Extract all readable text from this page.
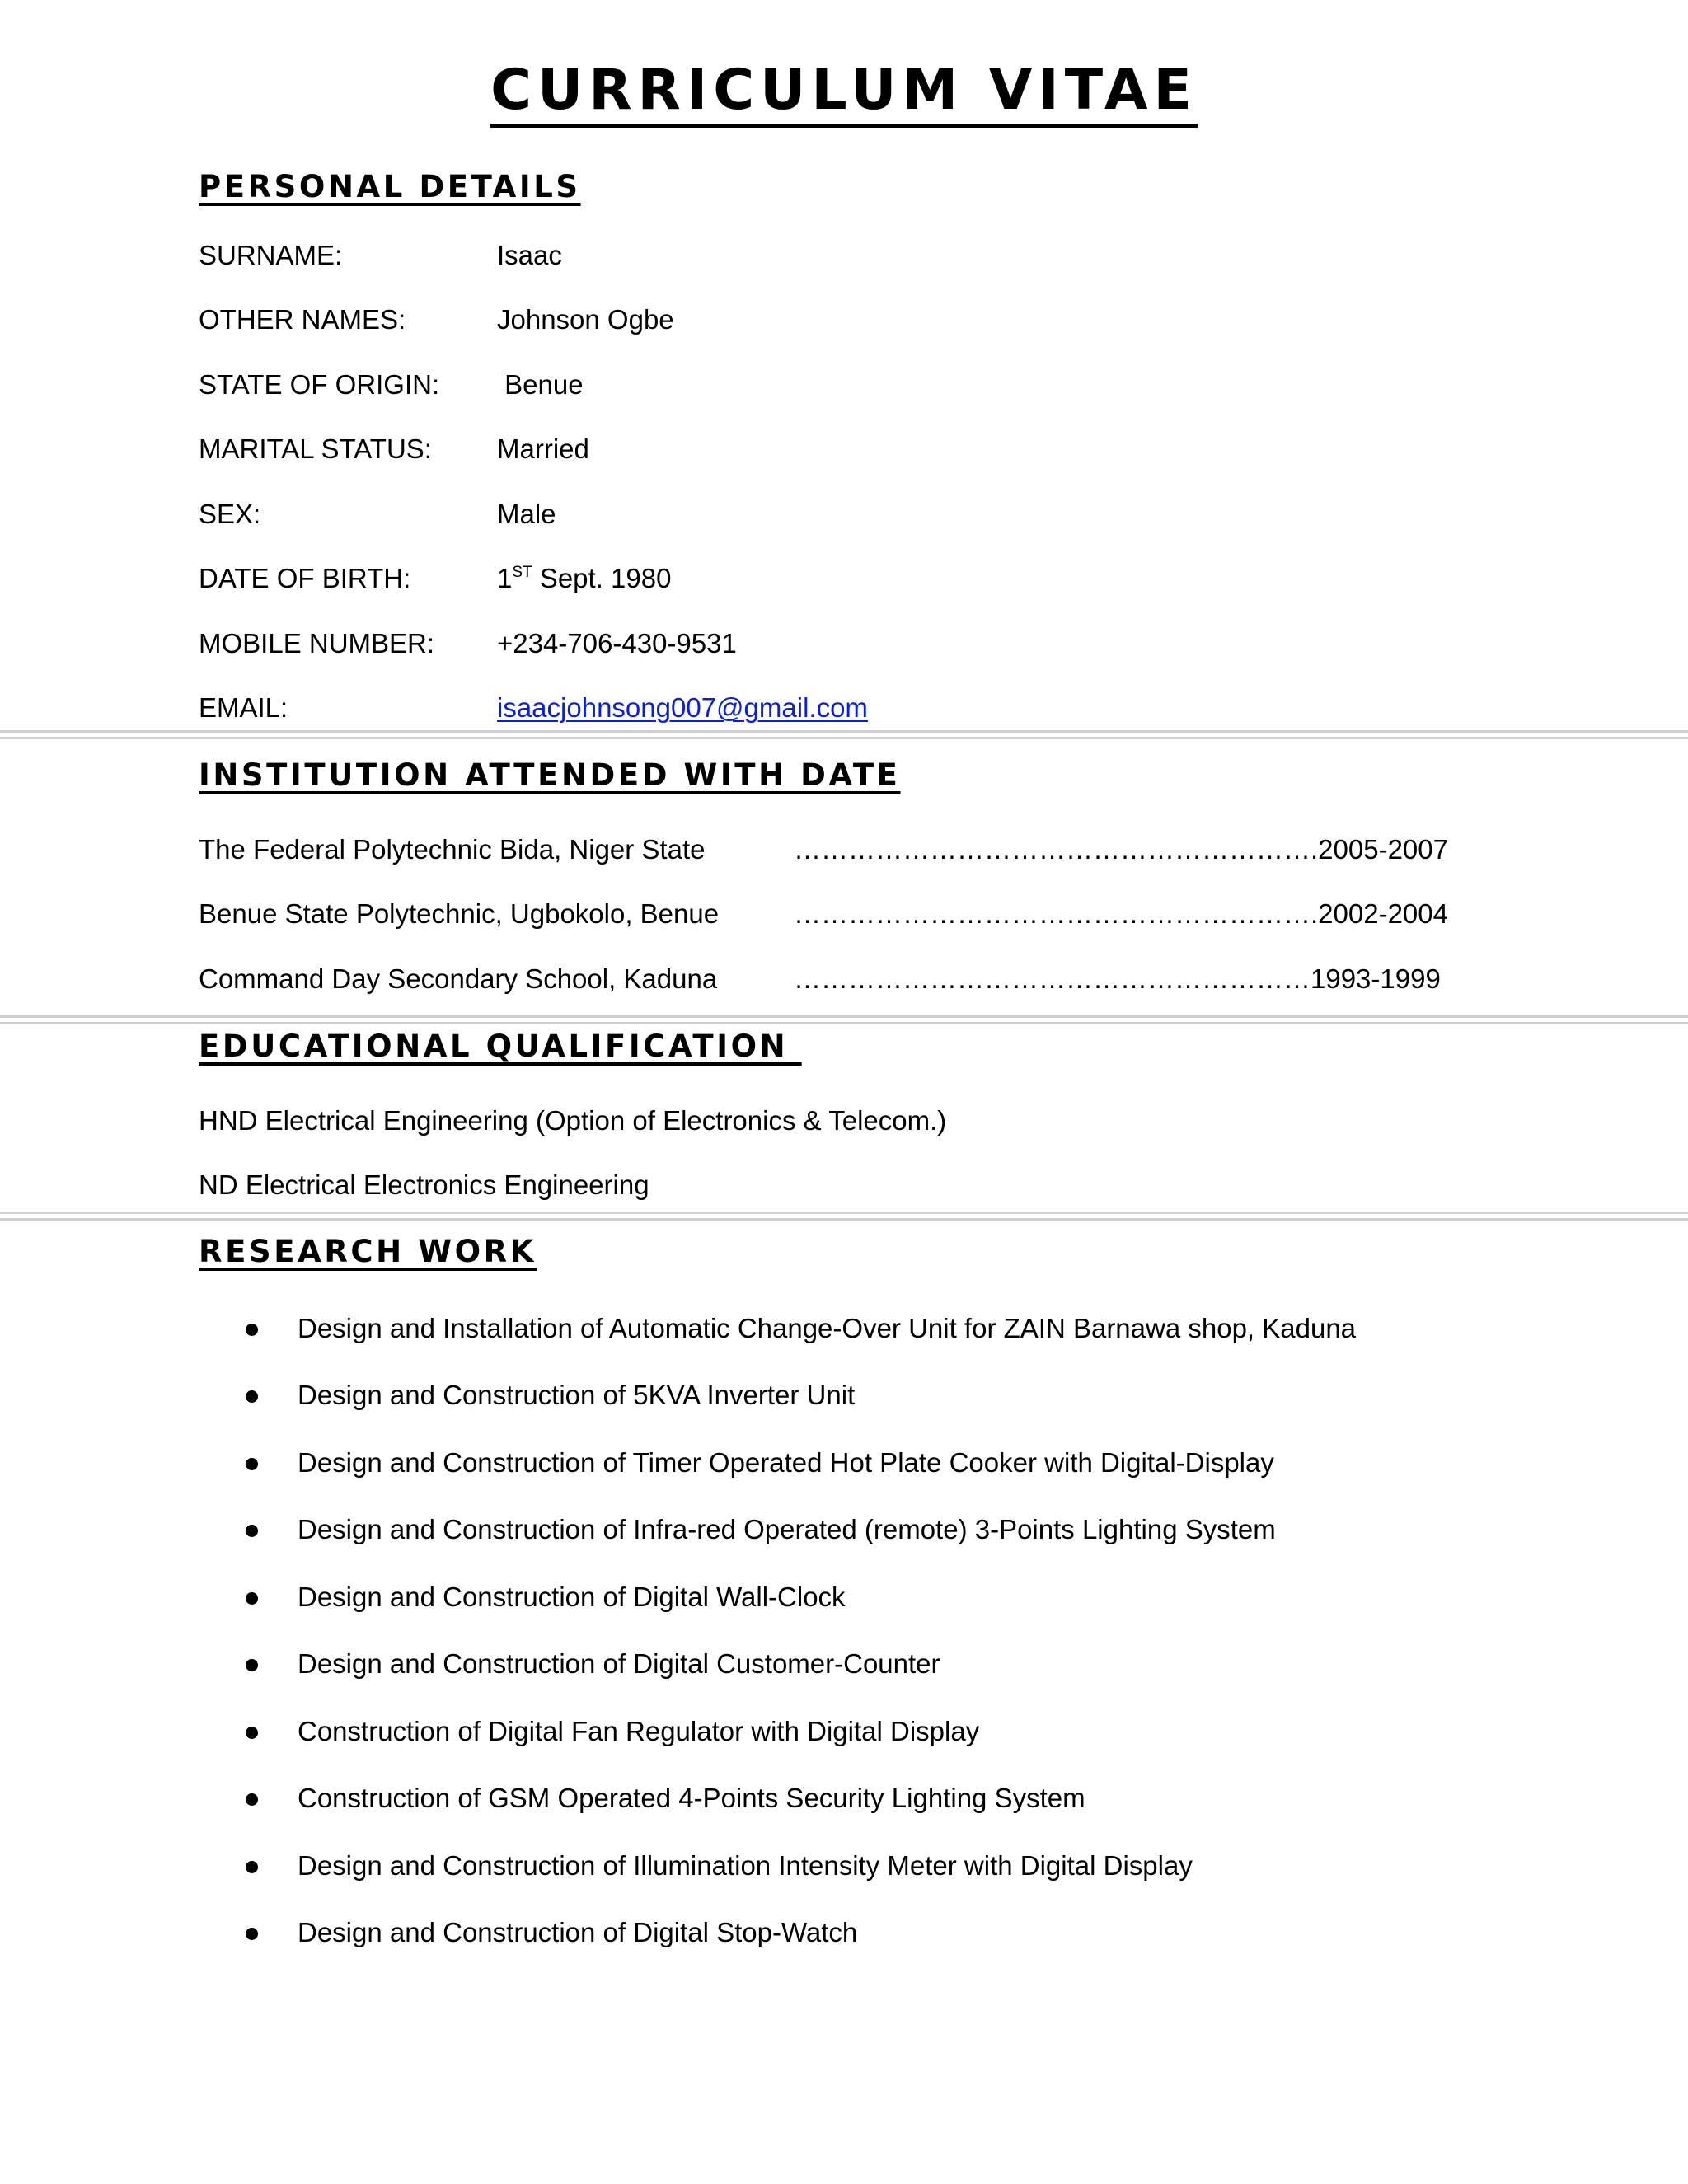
CURRICULUM VITAE
PERSONAL DETAILS
SURNAME:	Isaac
OTHER NAMES:	Johnson Ogbe
STATE OF ORIGIN: Benue
MARITAL STATUS: Married
SEX:	Male
DATE OF BIRTH:	1ST Sept. 1980
MOBILE NUMBER: +234-706-430-9531
EMAIL:	isaacjohnsong007@gmail.com
INSTITUTION ATTENDED WITH DATE
The Federal Polytechnic Bida, Niger State	………………………………………………….2005-2007
Benue State Polytechnic, Ugbokolo, Benue	………………………………………………….2002-2004
Command Day Secondary School, Kaduna	…………………………………………………1993-1999
EDUCATIONAL QUALIFICATION
HND Electrical Engineering (Option of Electronics & Telecom.)
ND Electrical Electronics Engineering
RESEARCH WORK
Design and Installation of Automatic Change-Over Unit for ZAIN Barnawa shop, Kaduna
Design and Construction of 5KVA Inverter Unit
Design and Construction of Timer Operated Hot Plate Cooker with Digital-Display
Design and Construction of Infra-red Operated (remote) 3-Points Lighting System
Design and Construction of Digital Wall-Clock
Design and Construction of Digital Customer-Counter
Construction of Digital Fan Regulator with Digital Display
Construction of GSM Operated 4-Points Security Lighting System
Design and Construction of Illumination Intensity Meter with Digital Display
Design and Construction of Digital Stop-Watch
